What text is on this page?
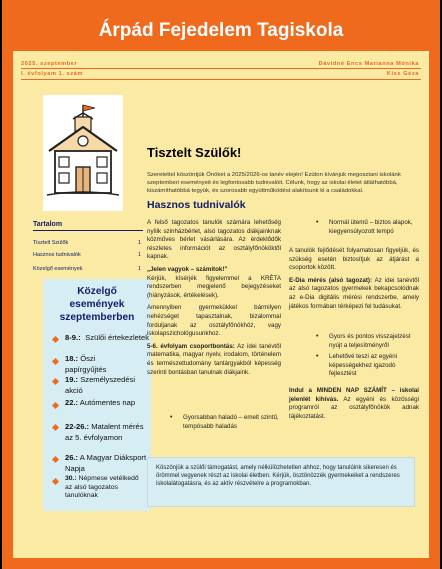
Árpád Fejedelem Tagiskola
2025. szeptember
I. évfolyam 1. szám
Dávidné Encs Marianna Mónika
Kiss Géza
Tisztelt Szülők!
Szeretettel köszöntjük Önöket a 2025/2026-os tanév elején! Ezúton kívánjuk megosztani iskolánk szeptemberi eseményeit és legfontosabb tudnivalóit. Célunk, hogy az iskolai életet átláthatóbbá, kiszámíthatóbbá tegyük, és szorosabb együttműködést alakítsunk ki a családokkal.
Hasznos tudnivalók
Tartalom
Tisztelt Szülők	1
Hasznos tudnivalók	1
Közelgő események	1
Közelgő
események
szeptemberben
8-9.: Szülői értekezletek
18.: Őszi papírgyűjtés
19.: Személyszedési akció
22.: Autómentes nap
22-26.: Matalent mérés az 5. évfolyamon
26.: A Magyar Diáksport Napja
30.: Népmese vetélkedő az alsó tagozatos tanulóknak

A felső tagozatos tanulók számára lehetőség nyílik szinházbérlet, alsó tagozatos diákjainknak közműves bérlet vásárlására. Az érdeklődők részletes információt az osztályfőnököktől kapnak.

„Jelen vagyok – számítok!”

Kérjük, kísérjék figyelemmel a KRÉTA rendszerben megjelenő bejegyzéseket (hiányzások, értékelések).

Amennyiben gyermekükkel bármilyen nehézséget tapasztalnak, bizalommal forduljanak az osztályfőnökhöz, vagy iskolapszichológusunkhoz.

5-6. évfolyam csoportbontás: Az idei tanévtől matematika, magyar nyelv, irodalom, történelem és természettudomány tantárgyakból képesség szerinti bontásban tanulnak diákjaink.

• Gyorsabban haladó – emelt szintű, tempósabb haladás
• Normál ütemű – biztos alapok, kiegyensúlyozott tempó

A tanulók fejlődését folyamatosan figyeljük, és szükség esetén biztosítjuk az átjárást a csoportok között.

E-Dia mérés (alsó tagozat): Az idei tanévtől az alsó tagozatos gyermekek bekapcsolódnak az e-Dia digitális mérési rendszerbe, amely játékos formában térképezi fel tudásukat.

• Gyors és pontos visszajelzést nyújt a teljesítményről
• Lehetővé teszi az egyéni képességekhez igazodó fejlesztést

Indul a MINDEN NAP SZÁMÍT – iskolai jelenlét kihívás. Az egyéni és közösségi programról az osztályfőnökök adnak tájékoztatást.

Köszönjük a szülői támogatást, amely nélkülözhetetlen ahhoz, hogy tanulóink sikeresen és örömmel vegyenek részt az iskolai életben. Kérjük, ösztönözzék gyermekeiket a rendszeres iskolalátogatásra, és az aktív részvételre a programokban.
